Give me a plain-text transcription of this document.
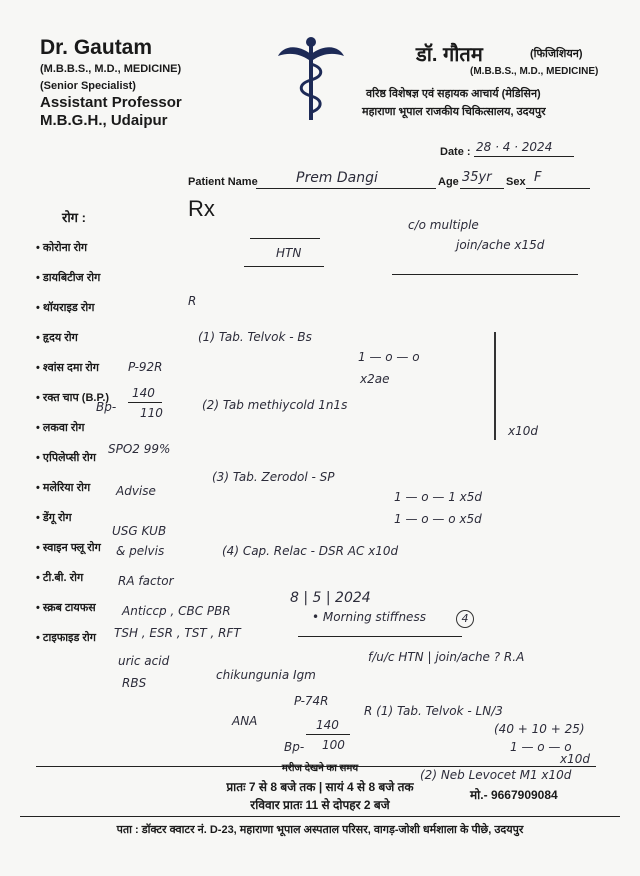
Dr. Gautam
(M.B.B.S., M.D., MEDICINE)
(Senior Specialist)
Assistant Professor
M.B.G.H., Udaipur
डॉ. गौतम	(फिजिशियन)
(M.B.B.S., M.D., MEDICINE)
वरिष्ठ विशेषज्ञ एवं सहायक आचार्य (मेडिसिन)
महाराणा भूपाल राजकीय चिकित्सालय, उदयपुर
Date : 28 · 4 · 2024
Patient Name	Prem Dangi	Age 35yr Sex F
Rx
रोग :
• कोरोना रोग
• डायबिटीज रोग
• थॉयराइड रोग
• हृदय रोग
• श्वांस दमा रोग
• रक्त चाप (B.P.)
• लकवा रोग
• एपिलेप्सी रोग
• मलेरिया रोग
• डेंगू रोग
• स्वाइन फ्लू रोग
• टी.बी. रोग
• स्क्रब टायफस
• टाइफाइड रोग
HTN
c/o multiple
join/ache x15d
R
P-92R
140
Bp- 110
SPO2 99%
Advise
USG KUB
& pelvis
RA factor
Anticcp , CBC PBR
TSH , ESR , TST , RFT
uric acid
RBS
chikungunia Igm
ANA
(1) Tab. Telvok - Bs
1 — o — o
x2ae
(2) Tab methiycold 1n1s
x10d
(3) Tab. Zerodol - SP
1 — o — 1 x5d
1 — o — o x5d
(4) Cap. Relac - DSR AC x10d
8 | 5 | 2024
• Morning stiffness	4
f/u/c HTN | join/ache ? R.A
P-74R
140
Bp- 100
R (1) Tab. Telvok - LN/3
(40 + 10 + 25)
1 — o — o
x10d
(2) Neb Levocet M1 x10d
मरीज देखने का समय
प्रातः 7 से 8 बजे तक | सायं 4 से 8 बजे तक
रविवार प्रातः 11 से दोपहर 2 बजे
मो.- 9667909084
पता : डॉक्टर क्वाटर नं. D-23, महाराणा भूपाल अस्पताल परिसर, वागड़-जोशी धर्मशाला के पीछे, उदयपुर
